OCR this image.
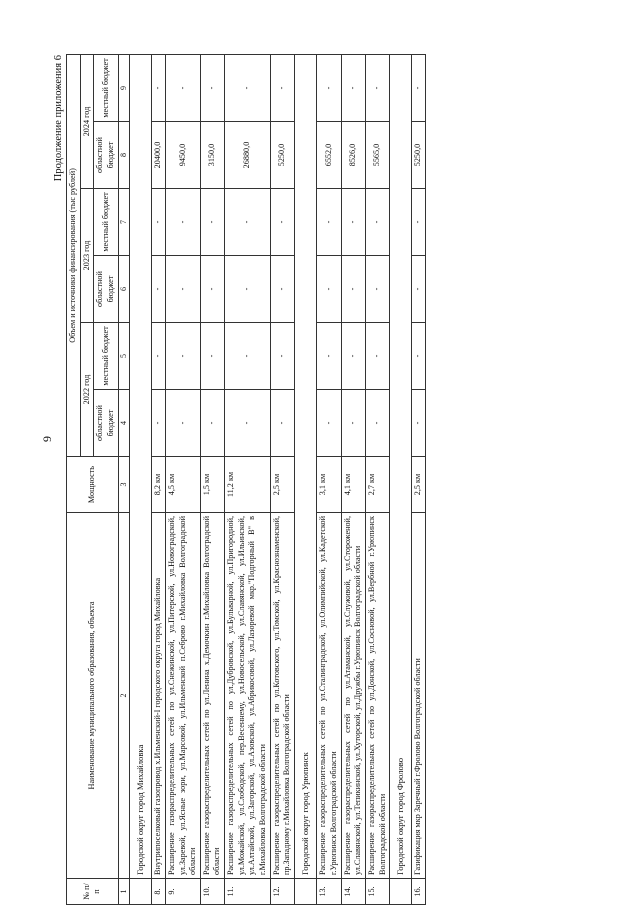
9
Продолжение приложения 6
№ п/п	Наименование муниципального образования, объекта	Мощность	Объем и источники финансирования (тыс рублей)					
			2022 год		2023 год		2024 год	
			областной бюджет	местный бюджет	областной бюджет	местный бюджет	областной бюджет	местный бюджет
1	2	3	4	5	6	7	8	9
	Городской округ город Михайловка							
8.	Внутрипоселковый газопровод х.Ильменский-I городского округа город Михайловка	8,2 км	-	-	-	-	20400,0	-
9.	Расширение газораспределительных сетей по ул.Снежинской, ул.Питерской, ул.Новоградской, ул.Заревой, ул.Ясные зори, ул.Марсовой, ул.Ильменской п.Себрово г.Михайловка Волгоградской области	4,5 км	-	-	-	-	9450,0	-
10.	Расширение газораспределительных сетей по ул.Ленина х.Демочкин г.Михайловка Волгоградской области	1,5 км	-	-	-	-	3150,0	-
11.	Расширение газораспределительных сетей по ул.Дубровской, ул.Бульварной, ул.Пригородной, ул.Можайской, ул.Слободской, пер.Весеннему, ул.Новосельской, ул.Славянской, ул.Ильинской, ул.Алтайской, ул.Загорской, ул.Азовской, ул.Абрикосовой, ул.Лазоревой мкр."Подгорный В" в г.Михайловка Волгоградской области	11,2 км	-	-	-	-	26880,0	-
12.	Расширение газораспределительных сетей по ул.Котовского, ул.Томской, ул.Краснознаменской, пр.Западному г.Михайловка Волгоградской области	2,5 км	-	-	-	-	5250,0	-
	Городской округ город Урюпинск							
13.	Расширение газораспределительных сетей по ул.Сталинградской, ул.Олимпийской, ул.Кадетской г.Урюпинск Волгоградской области	3,1 км	-	-	-	-	6552,0	-
14.	Расширение газораспределительных сетей по ул.Атаманской, ул.Служивой, ул.Стороженой, ул.Славянской, ул.Тепикинской, ул.Хуторской, ул.Дружбы г.Урюпинск Волгоградской области	4,1 км	-	-	-	-	8526,0	-
15.	Расширение газораспределительных сетей по ул.Донской, ул.Сосновой, ул.Вербной г.Урюпинск Волгоградской области	2,7 км	-	-	-	-	5565,0	-
	Городской округ город Фролово							
16.	Газификация мкр Заречный г.Фролово Волгоградской области	2,5 км	-	-	-	-	5250,0	-
